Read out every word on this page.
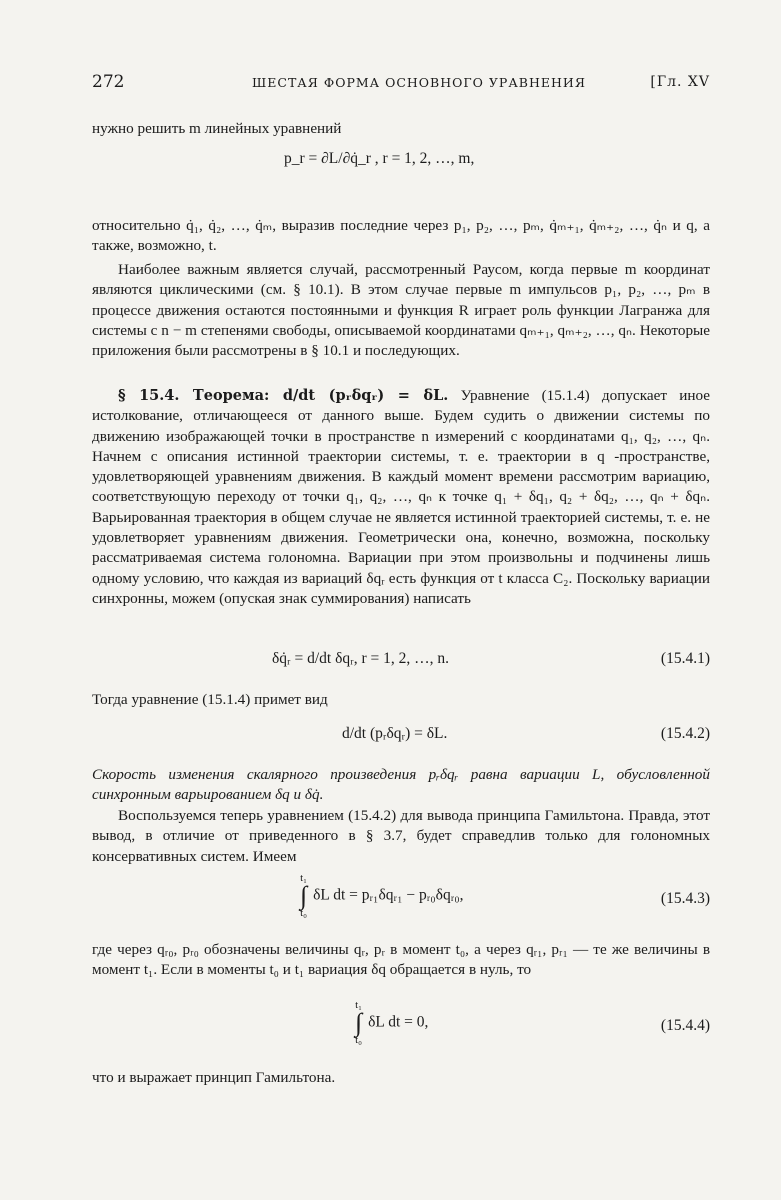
272	ШЕСТАЯ ФОРМА ОСНОВНОГО УРАВНЕНИЯ	[Гл. XV

нужно решить m линейных уравнений

p_r = ∂L/∂q̇_r , r = 1, 2, …, m,

относительно q̇₁, q̇₂, …, q̇ₘ, выразив последние через p₁, p₂, …, pₘ, q̇ₘ₊₁, q̇ₘ₊₂, …, q̇ₙ и q, а также, возможно, t.

Наиболее важным является случай, рассмотренный Раусом, когда первые m координат являются циклическими (см. § 10.1). В этом случае первые m импульсов p₁, p₂, …, pₘ в процессе движения остаются постоянными и функция R играет роль функции Лагранжа для системы с n − m степенями свободы, описываемой координатами qₘ₊₁, qₘ₊₂, …, qₙ. Некоторые приложения были рассмотрены в § 10.1 и последующих.

§ 15.4. Теорема: d/dt (pᵣδqᵣ) = δL. Уравнение (15.1.4) допускает иное истолкование, отличающееся от данного выше. Будем судить о движении системы по движению изображающей точки в пространстве n измерений с координатами q₁, q₂, …, qₙ. Начнем с описания истинной траектории системы, т. е. траектории в q -пространстве, удовлетворяющей уравнениям движения. В каждый момент времени рассмотрим вариацию, соответствующую переходу от точки q₁, q₂, …, qₙ к точке q₁ + δq₁, q₂ + δq₂, …, qₙ + δqₙ. Варьированная траектория в общем случае не является истинной траекторией системы, т. е. не удовлетворяет уравнениям движения. Геометрически она, конечно, возможна, поскольку рассматриваемая система голономна. Вариации при этом произвольны и подчинены лишь одному условию, что каждая из вариаций δqᵣ есть функция от t класса C₂. Поскольку вариации синхронны, можем (опуская знак суммирования) написать

δq̇ᵣ = d/dt δqᵣ, r = 1, 2, …, n.	(15.4.1)

Тогда уравнение (15.1.4) примет вид

d/dt (pᵣδqᵣ) = δL.	(15.4.2)

Скорость изменения скалярного произведения pᵣδqᵣ равна вариации L, обусловленной синхронным варьированием δq и δq̇.

Воспользуемся теперь уравнением (15.4.2) для вывода принципа Гамильтона. Правда, этот вывод, в отличие от приведенного в § 3.7, будет справедлив только для голономных консервативных систем. Имеем

t₁
∫
t₀δL dt = pᵣ₁δqᵣ₁ − pᵣ₀δqᵣ₀,	(15.4.3)

где через qᵣ₀, pᵣ₀ обозначены величины qᵣ, pᵣ в момент t₀, а через qᵣ₁, pᵣ₁ — те же величины в момент t₁. Если в моменты t₀ и t₁ вариация δq обращается в нуль, то

t₁
∫
t₀δL dt = 0,	(15.4.4)

что и выражает принцип Гамильтона.
